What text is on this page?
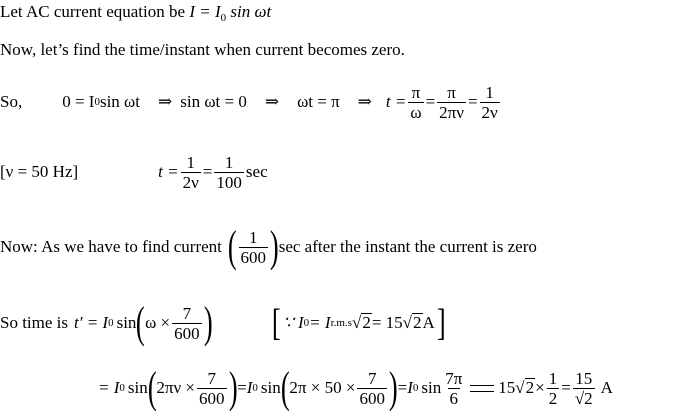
Let AC current equation be $I = I_0$ sin ωt
Now, let’s find the time/instant when current becomes zero.
So, 0 = I 0 sin ωt ⇒ sin ωt = 0 ⇒ ωt = π ⇒ $t = \frac{\pi}{\omega} = \frac{\pi}{2\pi\nu} = \frac{1}{2\nu}$
[ν = 50 Hz]	$t = \frac{1}{2\nu} = \frac{1}{100}$ sec
Now: As we have to find current ( $\frac{1}{600}$ ) sec after the instant the current is zero
So time is t′ = I 0 sin ( $\omega \times \frac{7}{600}$ ) [ ∵ I 0 = I r.m.s √2 = 15 √2 A ]
= I 0 sin ( $2\pi\nu \times \frac{7}{600}$ ) = I 0 sin ( $2\pi \times 50 \times \frac{7}{600}$ ) = I 0 $\sin \frac{7\pi}{6} 15$ $√2 \times \frac{1}{2} = \frac{15}{√2}$ A
